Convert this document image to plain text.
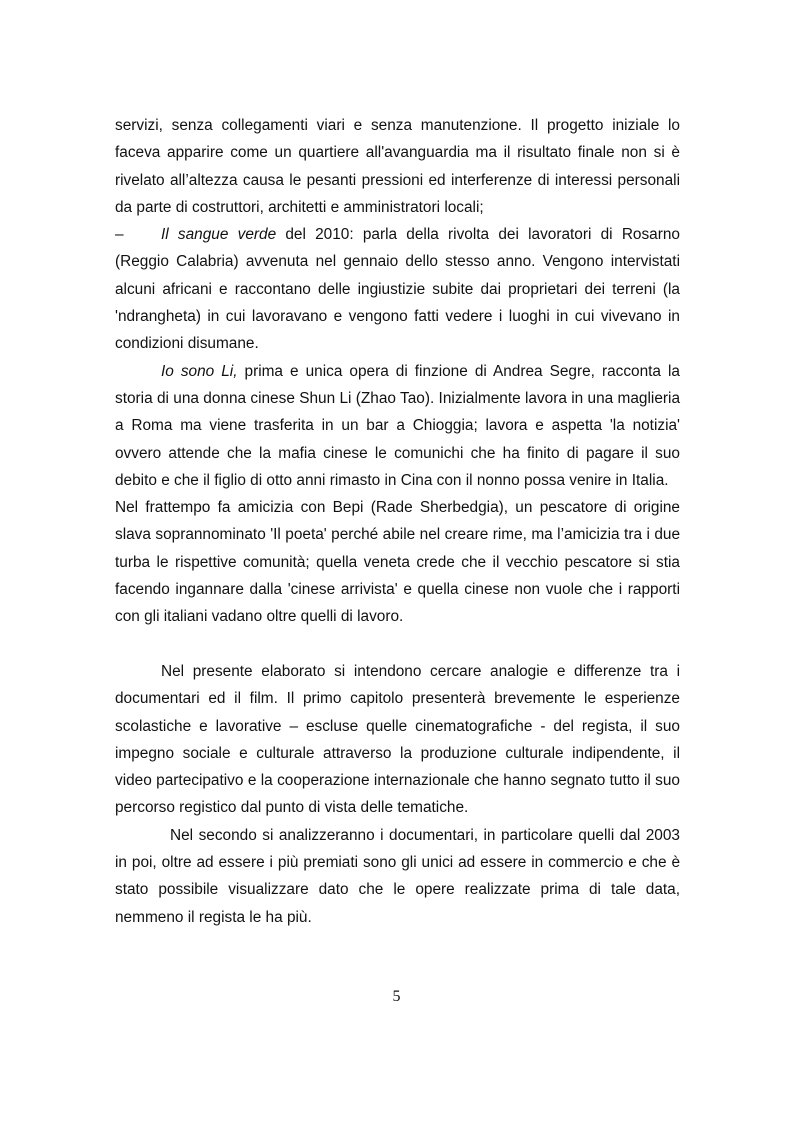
servizi, senza collegamenti viari e senza manutenzione. Il progetto iniziale lo faceva apparire come un quartiere all'avanguardia ma il risultato finale non si è rivelato all’altezza causa le pesanti pressioni ed interferenze di interessi personali da parte di costruttori, architetti e amministratori locali;

– Il sangue verde del 2010: parla della rivolta dei lavoratori di Rosarno (Reggio Calabria) avvenuta nel gennaio dello stesso anno. Vengono intervistati alcuni africani e raccontano delle ingiustizie subite dai proprietari dei terreni (la 'ndrangheta) in cui lavoravano e vengono fatti vedere i luoghi in cui vivevano in condizioni disumane.

Io sono Li, prima e unica opera di finzione di Andrea Segre, racconta la storia di una donna cinese Shun Li (Zhao Tao). Inizialmente lavora in una maglieria a Roma ma viene trasferita in un bar a Chioggia; lavora e aspetta 'la notizia' ovvero attende che la mafia cinese le comunichi che ha finito di pagare il suo debito e che il figlio di otto anni rimasto in Cina con il nonno possa venire in Italia.

Nel frattempo fa amicizia con Bepi (Rade Sherbedgia), un pescatore di origine slava soprannominato 'Il poeta' perché abile nel creare rime, ma l’amicizia tra i due turba le rispettive comunità; quella veneta crede che il vecchio pescatore si stia facendo ingannare dalla 'cinese arrivista' e quella cinese non vuole che i rapporti con gli italiani vadano oltre quelli di lavoro.

Nel presente elaborato si intendono cercare analogie e differenze tra i documentari ed il film. Il primo capitolo presenterà brevemente le esperienze scolastiche e lavorative – escluse quelle cinematografiche - del regista, il suo impegno sociale e culturale attraverso la produzione culturale indipendente, il video partecipativo e la cooperazione internazionale che hanno segnato tutto il suo percorso registico dal punto di vista delle tematiche.

Nel secondo si analizzeranno i documentari, in particolare quelli dal 2003 in poi, oltre ad essere i più premiati sono gli unici ad essere in commercio e che è stato possibile visualizzare dato che le opere realizzate prima di tale data, nemmeno il regista le ha più.

5
